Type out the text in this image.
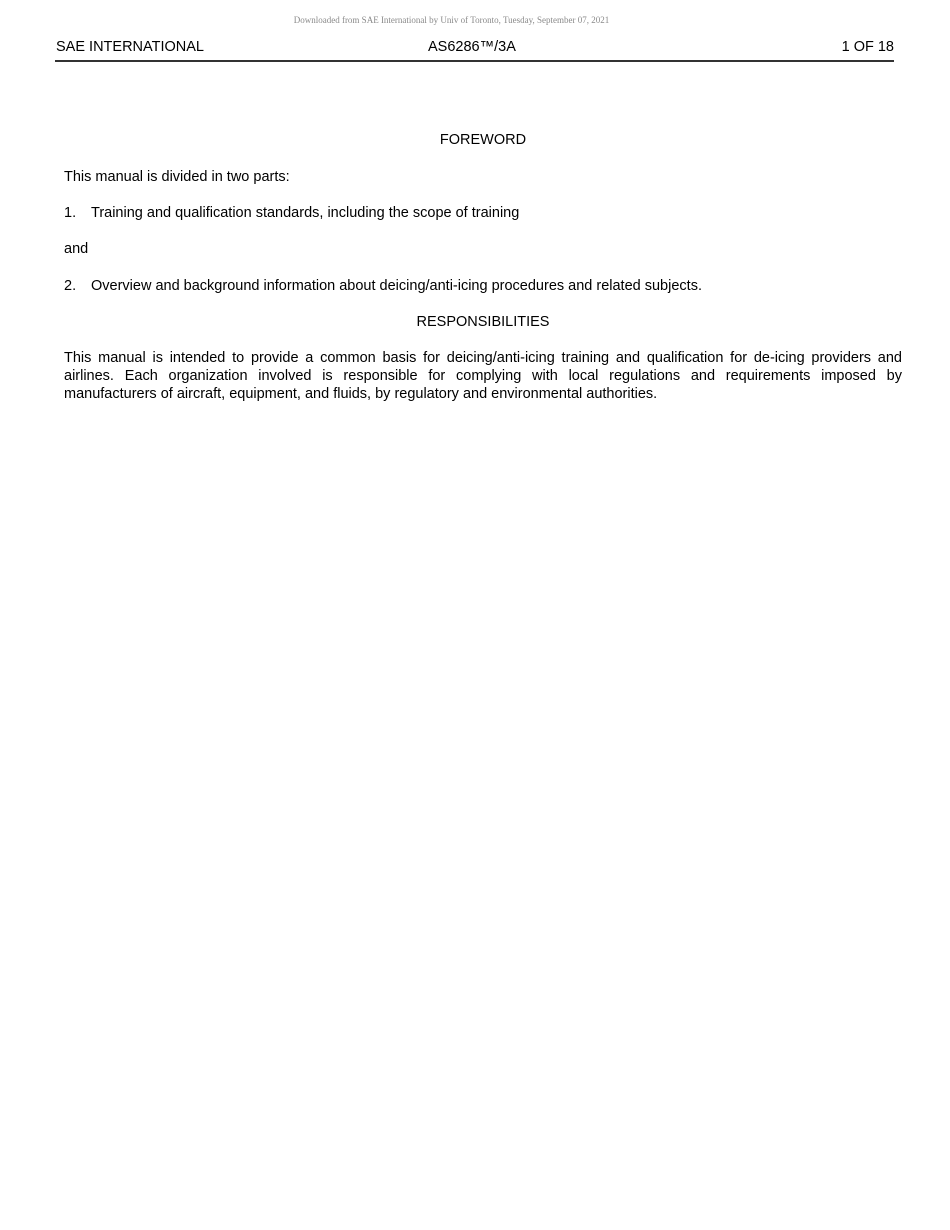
Downloaded from SAE International by Univ of Toronto, Tuesday, September 07, 2021
SAE INTERNATIONAL	AS6286™/3A	1 OF 18
FOREWORD
This manual is divided in two parts:
1. Training and qualification standards, including the scope of training
and
2. Overview and background information about deicing/anti-icing procedures and related subjects.
RESPONSIBILITIES
This manual is intended to provide a common basis for deicing/anti-icing training and qualification for de-icing providers and airlines. Each organization involved is responsible for complying with local regulations and requirements imposed by manufacturers of aircraft, equipment, and fluids, by regulatory and environmental authorities.
